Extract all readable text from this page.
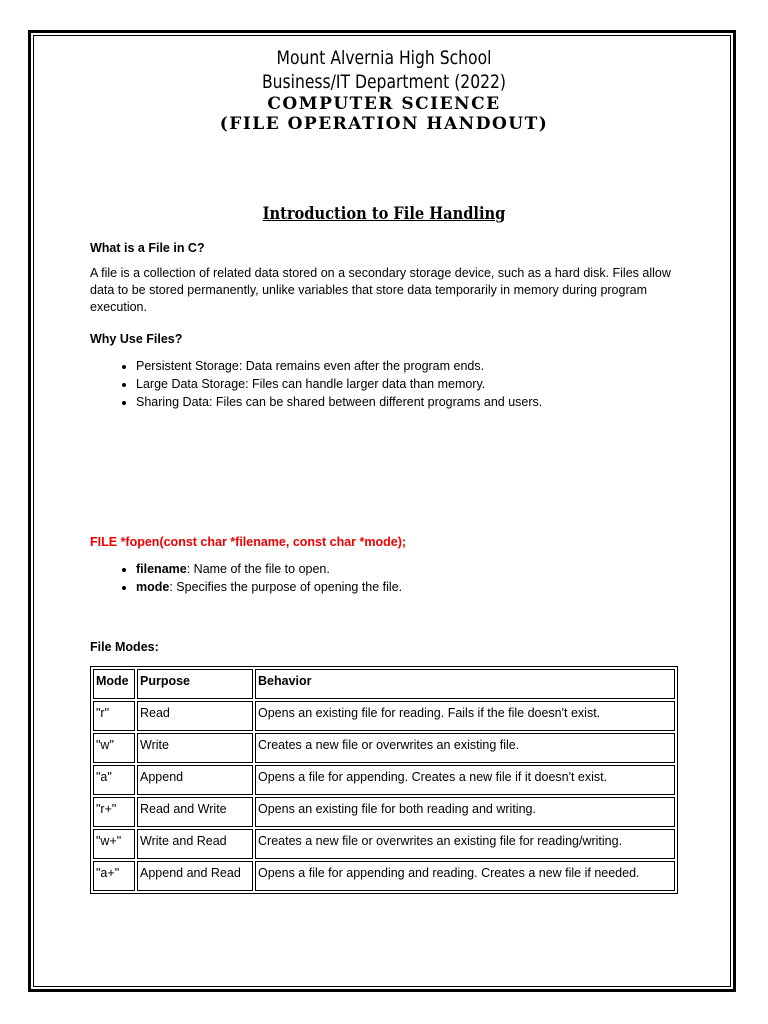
Mount Alvernia High School
Business/IT Department (2022)
COMPUTER SCIENCE
(FILE OPERATION HANDOUT)
Introduction to File Handling
What is a File in C?

A file is a collection of related data stored on a secondary storage device, such as a hard disk. Files allow data to be stored permanently, unlike variables that store data temporarily in memory during program execution.

Why Use Files?
• Persistent Storage: Data remains even after the program ends.
• Large Data Storage: Files can handle larger data than memory.
• Sharing Data: Files can be shared between different programs and users.
FILE *fopen(const char *filename, const char *mode);
• filename: Name of the file to open.
• mode: Specifies the purpose of opening the file.
File Modes:
Mode	Purpose	Behavior
"r"	Read	Opens an existing file for reading. Fails if the file doesn't exist.
"w"	Write	Creates a new file or overwrites an existing file.
"a"	Append	Opens a file for appending. Creates a new file if it doesn't exist.
"r+"	Read and Write	Opens an existing file for both reading and writing.
"w+"	Write and Read	Creates a new file or overwrites an existing file for reading/writing.
"a+"	Append and Read	Opens a file for appending and reading. Creates a new file if needed.
